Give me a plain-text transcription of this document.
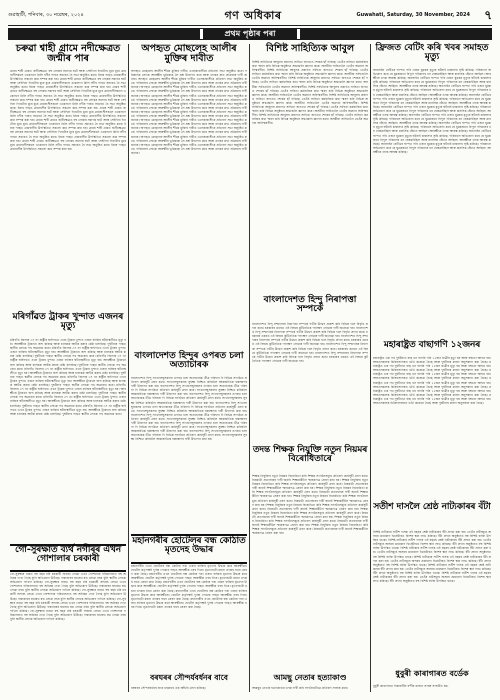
গুৱাহাটী, শনিবাৰ, ৩০ নৱেম্বৰ, ২০২৪	গণ অধিকাৰ	Guwahati, Saturday, 30 November, 2024 ৭
প্ৰথম পৃষ্ঠাৰ পৰা
চৰুৱা শ্বাহী গ্ৰামে নদীক্ষেত্ৰত জন্মীৰ পাৰ
গ্ৰামৰ শাহী গ্ৰামত জনীক্ষেত্ৰত বহু লোকৰ সমাগম ঘটে আৰু সেইদিনা দিনটোৰ মূৰে মূৰে গ্ৰামবাসীসকলে একেলগে মিলি নদীৰ পাৰত সমবেত হৈ সভা অনুষ্ঠিত কৰে। ইয়াৰ পাছত গ্ৰামবাসীৰ উপস্থিতিত সকলো কাম সম্পন্ন কৰা হয়। গ্ৰামৰ শাহী গ্ৰামত জনীক্ষেত্ৰত বহু লোকৰ সমাগম ঘটে আৰু সেইদিনা দিনটোৰ মূৰে মূৰে গ্ৰামবাসীসকলে একেলগে মিলি নদীৰ পাৰত সমবেত হৈ সভা অনুষ্ঠিত কৰে। ইয়াৰ পাছত গ্ৰামবাসীৰ উপস্থিতিত সকলো কাম সম্পন্ন কৰা হয়। গ্ৰামৰ শাহী গ্ৰামত জনীক্ষেত্ৰত বহু লোকৰ সমাগম ঘটে আৰু সেইদিনা দিনটোৰ মূৰে মূৰে গ্ৰামবাসীসকলে একেলগে মিলি নদীৰ পাৰত সমবেত হৈ সভা অনুষ্ঠিত কৰে। ইয়াৰ পাছত গ্ৰামবাসীৰ উপস্থিতিত সকলো কাম সম্পন্ন কৰা হয়। গ্ৰামৰ শাহী গ্ৰামত জনীক্ষেত্ৰত বহু লোকৰ সমাগম ঘটে আৰু সেইদিনা দিনটোৰ মূৰে মূৰে গ্ৰামবাসীসকলে একেলগে মিলি নদীৰ পাৰত সমবেত হৈ সভা অনুষ্ঠিত কৰে। ইয়াৰ পাছত গ্ৰামবাসীৰ উপস্থিতিত সকলো কাম সম্পন্ন কৰা হয়। গ্ৰামৰ শাহী গ্ৰামত জনীক্ষেত্ৰত বহু লোকৰ সমাগম ঘটে আৰু সেইদিনা দিনটোৰ মূৰে মূৰে গ্ৰামবাসীসকলে একেলগে মিলি নদীৰ পাৰত সমবেত হৈ সভা অনুষ্ঠিত কৰে। ইয়াৰ পাছত গ্ৰামবাসীৰ উপস্থিতিত সকলো কাম সম্পন্ন কৰা হয়। গ্ৰামৰ শাহী গ্ৰামত জনীক্ষেত্ৰত বহু লোকৰ সমাগম ঘটে আৰু সেইদিনা দিনটোৰ মূৰে মূৰে গ্ৰামবাসীসকলে একেলগে মিলি নদীৰ পাৰত সমবেত হৈ সভা অনুষ্ঠিত কৰে। ইয়াৰ পাছত গ্ৰামবাসীৰ উপস্থিতিত সকলো কাম সম্পন্ন কৰা হয়। গ্ৰামৰ শাহী গ্ৰামত জনীক্ষেত্ৰত বহু লোকৰ সমাগম ঘটে আৰু সেইদিনা দিনটোৰ মূৰে মূৰে গ্ৰামবাসীসকলে একেলগে মিলি নদীৰ পাৰত সমবেত হৈ সভা অনুষ্ঠিত কৰে। ইয়াৰ পাছত গ্ৰামবাসীৰ উপস্থিতিত সকলো কাম সম্পন্ন কৰা হয়। গ্ৰামৰ শাহী গ্ৰামত জনীক্ষেত্ৰত বহু লোকৰ সমাগম ঘটে আৰু সেইদিনা দিনটোৰ মূৰে মূৰে গ্ৰামবাসীসকলে একেলগে মিলি নদীৰ পাৰত সমবেত হৈ সভা অনুষ্ঠিত কৰে। ইয়াৰ পাছত গ্ৰামবাসীৰ উপস্থিতিত সকলো কাম সম্পন্ন কৰা হয়।
মৰিগাঁৱত ট্ৰাকৰ খুন্দাত এজনৰ মৃত্যু
মৰিগাঁও জিলাৰ ৩৭ নং ৰাষ্ট্ৰীয় ঘাইপথত এখন ট্ৰাকৰ খুন্দাত এজন ব্যক্তিৰ ঘটনাস্থলীতে মৃত্যু হয়। আৰক্ষীয়ে ট্ৰাকখন জব্দ কৰিছে আৰু চালকক আটক কৰাৰ চেষ্টা চলাইছে। দুৰ্ঘটনাৰ পাছত স্থানীয় লোকে পথ অৱৰোধ কৰে। মৰিগাঁও জিলাৰ ৩৭ নং ৰাষ্ট্ৰীয় ঘাইপথত এখন ট্ৰাকৰ খুন্দাত এজন ব্যক্তিৰ ঘটনাস্থলীতে মৃত্যু হয়। আৰক্ষীয়ে ট্ৰাকখন জব্দ কৰিছে আৰু চালকক আটক কৰাৰ চেষ্টা চলাইছে। দুৰ্ঘটনাৰ পাছত স্থানীয় লোকে পথ অৱৰোধ কৰে। মৰিগাঁও জিলাৰ ৩৭ নং ৰাষ্ট্ৰীয় ঘাইপথত এখন ট্ৰাকৰ খুন্দাত এজন ব্যক্তিৰ ঘটনাস্থলীতে মৃত্যু হয়। আৰক্ষীয়ে ট্ৰাকখন জব্দ কৰিছে আৰু চালকক আটক কৰাৰ চেষ্টা চলাইছে। দুৰ্ঘটনাৰ পাছত স্থানীয় লোকে পথ অৱৰোধ কৰে। মৰিগাঁও জিলাৰ ৩৭ নং ৰাষ্ট্ৰীয় ঘাইপথত এখন ট্ৰাকৰ খুন্দাত এজন ব্যক্তিৰ ঘটনাস্থলীতে মৃত্যু হয়। আৰক্ষীয়ে ট্ৰাকখন জব্দ কৰিছে আৰু চালকক আটক কৰাৰ চেষ্টা চলাইছে। দুৰ্ঘটনাৰ পাছত স্থানীয় লোকে পথ অৱৰোধ কৰে। মৰিগাঁও জিলাৰ ৩৭ নং ৰাষ্ট্ৰীয় ঘাইপথত এখন ট্ৰাকৰ খুন্দাত এজন ব্যক্তিৰ ঘটনাস্থলীতে মৃত্যু হয়। আৰক্ষীয়ে ট্ৰাকখন জব্দ কৰিছে আৰু চালকক আটক কৰাৰ চেষ্টা চলাইছে। দুৰ্ঘটনাৰ পাছত স্থানীয় লোকে পথ অৱৰোধ কৰে। মৰিগাঁও জিলাৰ ৩৭ নং ৰাষ্ট্ৰীয় ঘাইপথত এখন ট্ৰাকৰ খুন্দাত এজন ব্যক্তিৰ ঘটনাস্থলীতে মৃত্যু হয়। আৰক্ষীয়ে ট্ৰাকখন জব্দ কৰিছে আৰু চালকক আটক কৰাৰ চেষ্টা চলাইছে। দুৰ্ঘটনাৰ পাছত স্থানীয় লোকে পথ অৱৰোধ কৰে। মৰিগাঁও জিলাৰ ৩৭ নং ৰাষ্ট্ৰীয় ঘাইপথত এখন ট্ৰাকৰ খুন্দাত এজন ব্যক্তিৰ ঘটনাস্থলীতে মৃত্যু হয়। আৰক্ষীয়ে ট্ৰাকখন জব্দ কৰিছে আৰু চালকক আটক কৰাৰ চেষ্টা চলাইছে। দুৰ্ঘটনাৰ পাছত স্থানীয় লোকে পথ অৱৰোধ কৰে। মৰিগাঁও জিলাৰ ৩৭ নং ৰাষ্ট্ৰীয় ঘাইপথত এখন ট্ৰাকৰ খুন্দাত এজন ব্যক্তিৰ ঘটনাস্থলীতে মৃত্যু হয়। আৰক্ষীয়ে ট্ৰাকখন জব্দ কৰিছে আৰু চালকক আটক কৰাৰ চেষ্টা চলাইছে। দুৰ্ঘটনাৰ পাছত স্থানীয় লোকে পথ অৱৰোধ কৰে।
গো-সুৰক্ষাত ব্যৰ্থ নগীৰৰ এখন গোশালাৰ চৰকাৰী
গো-সুৰক্ষাৰ নামত বহু বছৰ ধৰি চৰকাৰী সাহায্য লোৱা এখন গোশালাৰ পৰিচালনাত বহু অনিয়ম দেখা গৈছে বুলি অভিযোগ উঠিছে। গৰুবোৰৰ যথাযথ যত্ন লোৱা নহয় বুলি স্থানীয় লোকে অভিযোগ দাখিল কৰিছে। গো-সুৰক্ষাৰ নামত বহু বছৰ ধৰি চৰকাৰী সাহায্য লোৱা এখন গোশালাৰ পৰিচালনাত বহু অনিয়ম দেখা গৈছে বুলি অভিযোগ উঠিছে। গৰুবোৰৰ যথাযথ যত্ন লোৱা নহয় বুলি স্থানীয় লোকে অভিযোগ দাখিল কৰিছে। গো-সুৰক্ষাৰ নামত বহু বছৰ ধৰি চৰকাৰী সাহায্য লোৱা এখন গোশালাৰ পৰিচালনাত বহু অনিয়ম দেখা গৈছে বুলি অভিযোগ উঠিছে। গৰুবোৰৰ যথাযথ যত্ন লোৱা নহয় বুলি স্থানীয় লোকে অভিযোগ দাখিল কৰিছে। গো-সুৰক্ষাৰ নামত বহু বছৰ ধৰি চৰকাৰী সাহায্য লোৱা এখন গোশালাৰ পৰিচালনাত বহু অনিয়ম দেখা গৈছে বুলি অভিযোগ উঠিছে। গৰুবোৰৰ যথাযথ যত্ন লোৱা নহয় বুলি স্থানীয় লোকে অভিযোগ দাখিল কৰিছে। গো-সুৰক্ষাৰ নামত বহু বছৰ ধৰি চৰকাৰী সাহায্য লোৱা এখন গোশালাৰ পৰিচালনাত বহু অনিয়ম দেখা গৈছে বুলি অভিযোগ উঠিছে। গৰুবোৰৰ যথাযথ যত্ন লোৱা নহয় বুলি স্থানীয় লোকে অভিযোগ দাখিল কৰিছে।
অপহৃত মোছলেহ আলীৰ মুক্তিৰ দাবীত
অপহৃত মোছলেহ আলীৰ শীঘ্ৰে মুক্তিৰ দাবীত এলেকাবাসীয়ে প্ৰতিবাদ সভা অনুষ্ঠিত কৰে। পৰিয়ালৰ লোকে আৰক্ষীৰ ভূমিকাক লৈ প্ৰশ্ন উত্থাপন কৰে আৰু তদন্তৰ দ্ৰুত প্ৰক্ৰিয়াৰ দাবী জনায়। অপহৃত মোছলেহ আলীৰ শীঘ্ৰে মুক্তিৰ দাবীত এলেকাবাসীয়ে প্ৰতিবাদ সভা অনুষ্ঠিত কৰে। পৰিয়ালৰ লোকে আৰক্ষীৰ ভূমিকাক লৈ প্ৰশ্ন উত্থাপন কৰে আৰু তদন্তৰ দ্ৰুত প্ৰক্ৰিয়াৰ দাবী জনায়। অপহৃত মোছলেহ আলীৰ শীঘ্ৰে মুক্তিৰ দাবীত এলেকাবাসীয়ে প্ৰতিবাদ সভা অনুষ্ঠিত কৰে। পৰিয়ালৰ লোকে আৰক্ষীৰ ভূমিকাক লৈ প্ৰশ্ন উত্থাপন কৰে আৰু তদন্তৰ দ্ৰুত প্ৰক্ৰিয়াৰ দাবী জনায়। অপহৃত মোছলেহ আলীৰ শীঘ্ৰে মুক্তিৰ দাবীত এলেকাবাসীয়ে প্ৰতিবাদ সভা অনুষ্ঠিত কৰে। পৰিয়ালৰ লোকে আৰক্ষীৰ ভূমিকাক লৈ প্ৰশ্ন উত্থাপন কৰে আৰু তদন্তৰ দ্ৰুত প্ৰক্ৰিয়াৰ দাবী জনায়। অপহৃত মোছলেহ আলীৰ শীঘ্ৰে মুক্তিৰ দাবীত এলেকাবাসীয়ে প্ৰতিবাদ সভা অনুষ্ঠিত কৰে। পৰিয়ালৰ লোকে আৰক্ষীৰ ভূমিকাক লৈ প্ৰশ্ন উত্থাপন কৰে আৰু তদন্তৰ দ্ৰুত প্ৰক্ৰিয়াৰ দাবী জনায়। অপহৃত মোছলেহ আলীৰ শীঘ্ৰে মুক্তিৰ দাবীত এলেকাবাসীয়ে প্ৰতিবাদ সভা অনুষ্ঠিত কৰে। পৰিয়ালৰ লোকে আৰক্ষীৰ ভূমিকাক লৈ প্ৰশ্ন উত্থাপন কৰে আৰু তদন্তৰ দ্ৰুত প্ৰক্ৰিয়াৰ দাবী জনায়। অপহৃত মোছলেহ আলীৰ শীঘ্ৰে মুক্তিৰ দাবীত এলেকাবাসীয়ে প্ৰতিবাদ সভা অনুষ্ঠিত কৰে। পৰিয়ালৰ লোকে আৰক্ষীৰ ভূমিকাক লৈ প্ৰশ্ন উত্থাপন কৰে আৰু তদন্তৰ দ্ৰুত প্ৰক্ৰিয়াৰ দাবী জনায়। অপহৃত মোছলেহ আলীৰ শীঘ্ৰে মুক্তিৰ দাবীত এলেকাবাসীয়ে প্ৰতিবাদ সভা অনুষ্ঠিত কৰে। পৰিয়ালৰ লোকে আৰক্ষীৰ ভূমিকাক লৈ প্ৰশ্ন উত্থাপন কৰে আৰু তদন্তৰ দ্ৰুত প্ৰক্ৰিয়াৰ দাবী জনায়। অপহৃত মোছলেহ আলীৰ শীঘ্ৰে মুক্তিৰ দাবীত এলেকাবাসীয়ে প্ৰতিবাদ সভা অনুষ্ঠিত কৰে। পৰিয়ালৰ লোকে আৰক্ষীৰ ভূমিকাক লৈ প্ৰশ্ন উত্থাপন কৰে আৰু তদন্তৰ দ্ৰুত প্ৰক্ৰিয়াৰ দাবী জনায়। অপহৃত মোছলেহ আলীৰ শীঘ্ৰে মুক্তিৰ দাবীত এলেকাবাসীয়ে প্ৰতিবাদ সভা অনুষ্ঠিত কৰে। পৰিয়ালৰ লোকে আৰক্ষীৰ ভূমিকাক লৈ প্ৰশ্ন উত্থাপন কৰে আৰু তদন্তৰ দ্ৰুত প্ৰক্ৰিয়াৰ দাবী জনায়।
বাংলাদেশত হিন্দুৰ ওপৰত চলা অত্যাচাৰক
বাংলাদেশত হিন্দু সংখ্যালঘুসকলৰ ওপৰত চলা অত্যাচাৰক তীব্ৰ গৰিহণা দি বিভিন্ন সংগঠনে প্ৰতিবাদ কাৰ্যসূচী গ্ৰহণ কৰে। সংখ্যালঘুসকলৰ সুৰক্ষা নিশ্চিত কৰিবলৈ আন্তৰ্জাতিক হস্তক্ষেপৰ দাবী উত্থাপন কৰা হয়। বাংলাদেশত হিন্দু সংখ্যালঘুসকলৰ ওপৰত চলা অত্যাচাৰক তীব্ৰ গৰিহণা দি বিভিন্ন সংগঠনে প্ৰতিবাদ কাৰ্যসূচী গ্ৰহণ কৰে। সংখ্যালঘুসকলৰ সুৰক্ষা নিশ্চিত কৰিবলৈ আন্তৰ্জাতিক হস্তক্ষেপৰ দাবী উত্থাপন কৰা হয়। বাংলাদেশত হিন্দু সংখ্যালঘুসকলৰ ওপৰত চলা অত্যাচাৰক তীব্ৰ গৰিহণা দি বিভিন্ন সংগঠনে প্ৰতিবাদ কাৰ্যসূচী গ্ৰহণ কৰে। সংখ্যালঘুসকলৰ সুৰক্ষা নিশ্চিত কৰিবলৈ আন্তৰ্জাতিক হস্তক্ষেপৰ দাবী উত্থাপন কৰা হয়। বাংলাদেশত হিন্দু সংখ্যালঘুসকলৰ ওপৰত চলা অত্যাচাৰক তীব্ৰ গৰিহণা দি বিভিন্ন সংগঠনে প্ৰতিবাদ কাৰ্যসূচী গ্ৰহণ কৰে। সংখ্যালঘুসকলৰ সুৰক্ষা নিশ্চিত কৰিবলৈ আন্তৰ্জাতিক হস্তক্ষেপৰ দাবী উত্থাপন কৰা হয়। বাংলাদেশত হিন্দু সংখ্যালঘুসকলৰ ওপৰত চলা অত্যাচাৰক তীব্ৰ গৰিহণা দি বিভিন্ন সংগঠনে প্ৰতিবাদ কাৰ্যসূচী গ্ৰহণ কৰে। সংখ্যালঘুসকলৰ সুৰক্ষা নিশ্চিত কৰিবলৈ আন্তৰ্জাতিক হস্তক্ষেপৰ দাবী উত্থাপন কৰা হয়। বাংলাদেশত হিন্দু সংখ্যালঘুসকলৰ ওপৰত চলা অত্যাচাৰক তীব্ৰ গৰিহণা দি বিভিন্ন সংগঠনে প্ৰতিবাদ কাৰ্যসূচী গ্ৰহণ কৰে। সংখ্যালঘুসকলৰ সুৰক্ষা নিশ্চিত কৰিবলৈ আন্তৰ্জাতিক হস্তক্ষেপৰ দাবী উত্থাপন কৰা হয়। বাংলাদেশত হিন্দু সংখ্যালঘুসকলৰ ওপৰত চলা অত্যাচাৰক তীব্ৰ গৰিহণা দি বিভিন্ন সংগঠনে প্ৰতিবাদ কাৰ্যসূচী গ্ৰহণ কৰে। সংখ্যালঘুসকলৰ সুৰক্ষা নিশ্চিত কৰিবলৈ আন্তৰ্জাতিক হস্তক্ষেপৰ দাবী উত্থাপন কৰা হয়।
মহানগৰীৰ হোটেলৰ বন্ধ কোঠাত মৃতদেহ উদ্ধাৰ
মহানগৰীৰ এখন হোটেলৰ বন্ধ কোঠাৰ পৰা এজন ব্যক্তিৰ মৃতদেহ উদ্ধাৰ কৰে আৰক্ষীয়ে। হোটেল কৰ্তৃপক্ষই দুৰ্গন্ধ পোৱাৰ পাছত আৰক্ষীক খবৰ দিয়ে। মৃতদেহটো ময়না তদন্তৰ বাবে প্ৰেৰণ কৰা হৈছে। মহানগৰীৰ এখন হোটেলৰ বন্ধ কোঠাৰ পৰা এজন ব্যক্তিৰ মৃতদেহ উদ্ধাৰ কৰে আৰক্ষীয়ে। হোটেল কৰ্তৃপক্ষই দুৰ্গন্ধ পোৱাৰ পাছত আৰক্ষীক খবৰ দিয়ে। মৃতদেহটো ময়না তদন্তৰ বাবে প্ৰেৰণ কৰা হৈছে। মহানগৰীৰ এখন হোটেলৰ বন্ধ কোঠাৰ পৰা এজন ব্যক্তিৰ মৃতদেহ উদ্ধাৰ কৰে আৰক্ষীয়ে। হোটেল কৰ্তৃপক্ষই দুৰ্গন্ধ পোৱাৰ পাছত আৰক্ষীক খবৰ দিয়ে। মৃতদেহটো ময়না তদন্তৰ বাবে প্ৰেৰণ কৰা হৈছে। মহানগৰীৰ এখন হোটেলৰ বন্ধ কোঠাৰ পৰা এজন ব্যক্তিৰ মৃতদেহ উদ্ধাৰ কৰে আৰক্ষীয়ে। হোটেল কৰ্তৃপক্ষই দুৰ্গন্ধ পোৱাৰ পাছত আৰক্ষীক খবৰ দিয়ে। মৃতদেহটো ময়না তদন্তৰ বাবে প্ৰেৰণ কৰা হৈছে। মহানগৰীৰ এখন হোটেলৰ বন্ধ কোঠাৰ পৰা এজন ব্যক্তিৰ মৃতদেহ উদ্ধাৰ কৰে আৰক্ষীয়ে। হোটেল কৰ্তৃপক্ষই দুৰ্গন্ধ পোৱাৰ পাছত আৰক্ষীক খবৰ দিয়ে। মৃতদেহটো ময়না তদন্তৰ বাবে প্ৰেৰণ কৰা হৈছে।
বৰঘৰৰ সৌন্দৰ্যবৰ্ধনৰ বাবে
বৰঘৰৰ সৌন্দৰ্যবৰ্ধনৰ বাবে চৰকাৰে এক আঁচনি গ্ৰহণ কৰিছে।
বিশিষ্ট সাহিত্যিক আবুল
বিশিষ্ট সাহিত্যিক আবুলৰ প্ৰয়াণত সাহিত্য জগতত শোকৰ ছাঁ পৰিছে। তেওঁৰ সাহিত্য কৰ্মৰাজিৰ কথা স্মৰণ কৰি বিভিন্ন অনুষ্ঠানে শ্ৰদ্ধাঞ্জলি জ্ঞাপন কৰে। অসমীয়া সাহিত্যলৈ তেওঁৰ অৱদান অবিস্মৰণীয়। বিশিষ্ট সাহিত্যিক আবুলৰ প্ৰয়াণত সাহিত্য জগতত শোকৰ ছাঁ পৰিছে। তেওঁৰ সাহিত্য কৰ্মৰাজিৰ কথা স্মৰণ কৰি বিভিন্ন অনুষ্ঠানে শ্ৰদ্ধাঞ্জলি জ্ঞাপন কৰে। অসমীয়া সাহিত্যলৈ তেওঁৰ অৱদান অবিস্মৰণীয়। বিশিষ্ট সাহিত্যিক আবুলৰ প্ৰয়াণত সাহিত্য জগতত শোকৰ ছাঁ পৰিছে। তেওঁৰ সাহিত্য কৰ্মৰাজিৰ কথা স্মৰণ কৰি বিভিন্ন অনুষ্ঠানে শ্ৰদ্ধাঞ্জলি জ্ঞাপন কৰে। অসমীয়া সাহিত্যলৈ তেওঁৰ অৱদান অবিস্মৰণীয়। বিশিষ্ট সাহিত্যিক আবুলৰ প্ৰয়াণত সাহিত্য জগতত শোকৰ ছাঁ পৰিছে। তেওঁৰ সাহিত্য কৰ্মৰাজিৰ কথা স্মৰণ কৰি বিভিন্ন অনুষ্ঠানে শ্ৰদ্ধাঞ্জলি জ্ঞাপন কৰে। অসমীয়া সাহিত্যলৈ তেওঁৰ অৱদান অবিস্মৰণীয়। বিশিষ্ট সাহিত্যিক আবুলৰ প্ৰয়াণত সাহিত্য জগতত শোকৰ ছাঁ পৰিছে। তেওঁৰ সাহিত্য কৰ্মৰাজিৰ কথা স্মৰণ কৰি বিভিন্ন অনুষ্ঠানে শ্ৰদ্ধাঞ্জলি জ্ঞাপন কৰে। অসমীয়া সাহিত্যলৈ তেওঁৰ অৱদান অবিস্মৰণীয়। বিশিষ্ট সাহিত্যিক আবুলৰ প্ৰয়াণত সাহিত্য জগতত শোকৰ ছাঁ পৰিছে। তেওঁৰ সাহিত্য কৰ্মৰাজিৰ কথা স্মৰণ কৰি বিভিন্ন অনুষ্ঠানে শ্ৰদ্ধাঞ্জলি জ্ঞাপন কৰে। অসমীয়া সাহিত্যলৈ তেওঁৰ অৱদান অবিস্মৰণীয়। বিশিষ্ট সাহিত্যিক আবুলৰ প্ৰয়াণত সাহিত্য জগতত শোকৰ ছাঁ পৰিছে। তেওঁৰ সাহিত্য কৰ্মৰাজিৰ কথা স্মৰণ কৰি বিভিন্ন অনুষ্ঠানে শ্ৰদ্ধাঞ্জলি জ্ঞাপন কৰে। অসমীয়া সাহিত্যলৈ তেওঁৰ অৱদান অবিস্মৰণীয়।
বাংলাদেশত হিন্দু নিৰাপত্তা সম্পৰ্কে
বাংলাদেশত হিন্দু সম্প্ৰদায়ৰ নিৰাপত্তা সম্পৰ্কে গভীৰ উদ্বেগ প্ৰকাশ কৰি বিভিন্ন দলে বিবৃতি প্ৰদান কৰে। চৰকাৰৰ ওচৰত এই বিষয়ে কূটনৈতিক পদক্ষেপ লোৱাৰ দাবী জনোৱা হয়। বাংলাদেশত হিন্দু সম্প্ৰদায়ৰ নিৰাপত্তা সম্পৰ্কে গভীৰ উদ্বেগ প্ৰকাশ কৰি বিভিন্ন দলে বিবৃতি প্ৰদান কৰে। চৰকাৰৰ ওচৰত এই বিষয়ে কূটনৈতিক পদক্ষেপ লোৱাৰ দাবী জনোৱা হয়। বাংলাদেশত হিন্দু সম্প্ৰদায়ৰ নিৰাপত্তা সম্পৰ্কে গভীৰ উদ্বেগ প্ৰকাশ কৰি বিভিন্ন দলে বিবৃতি প্ৰদান কৰে। চৰকাৰৰ ওচৰত এই বিষয়ে কূটনৈতিক পদক্ষেপ লোৱাৰ দাবী জনোৱা হয়। বাংলাদেশত হিন্দু সম্প্ৰদায়ৰ নিৰাপত্তা সম্পৰ্কে গভীৰ উদ্বেগ প্ৰকাশ কৰি বিভিন্ন দলে বিবৃতি প্ৰদান কৰে। চৰকাৰৰ ওচৰত এই বিষয়ে কূটনৈতিক পদক্ষেপ লোৱাৰ দাবী জনোৱা হয়। বাংলাদেশত হিন্দু সম্প্ৰদায়ৰ নিৰাপত্তা সম্পৰ্কে গভীৰ উদ্বেগ প্ৰকাশ কৰি বিভিন্ন দলে বিবৃতি প্ৰদান কৰে। চৰকাৰৰ ওচৰত এই বিষয়ে কূটনৈতিক পদক্ষেপ লোৱাৰ দাবী জনোৱা হয়।
তদন্ত শিক্ষক নিযুক্তি নতুন নিয়মৰ বিৰোধিতাৰে
শিক্ষক নিযুক্তিৰ নতুন নিয়মৰ বিৰোধিতা কৰি শিক্ষক সংগঠনসমূহে প্ৰতিবাদ কাৰ্যসূচী গ্ৰহণ কৰে। নিয়মটো প্ৰত্যাহাৰৰ দাবী জনাই শিক্ষামন্ত্ৰীলৈ স্মাৰকপত্ৰ প্ৰেৰণ কৰা হয়। শিক্ষক নিযুক্তিৰ নতুন নিয়মৰ বিৰোধিতা কৰি শিক্ষক সংগঠনসমূহে প্ৰতিবাদ কাৰ্যসূচী গ্ৰহণ কৰে। নিয়মটো প্ৰত্যাহাৰৰ দাবী জনাই শিক্ষামন্ত্ৰীলৈ স্মাৰকপত্ৰ প্ৰেৰণ কৰা হয়। শিক্ষক নিযুক্তিৰ নতুন নিয়মৰ বিৰোধিতা কৰি শিক্ষক সংগঠনসমূহে প্ৰতিবাদ কাৰ্যসূচী গ্ৰহণ কৰে। নিয়মটো প্ৰত্যাহাৰৰ দাবী জনাই শিক্ষামন্ত্ৰীলৈ স্মাৰকপত্ৰ প্ৰেৰণ কৰা হয়। শিক্ষক নিযুক্তিৰ নতুন নিয়মৰ বিৰোধিতা কৰি শিক্ষক সংগঠনসমূহে প্ৰতিবাদ কাৰ্যসূচী গ্ৰহণ কৰে। নিয়মটো প্ৰত্যাহাৰৰ দাবী জনাই শিক্ষামন্ত্ৰীলৈ স্মাৰকপত্ৰ প্ৰেৰণ কৰা হয়। শিক্ষক নিযুক্তিৰ নতুন নিয়মৰ বিৰোধিতা কৰি শিক্ষক সংগঠনসমূহে প্ৰতিবাদ কাৰ্যসূচী গ্ৰহণ কৰে। নিয়মটো প্ৰত্যাহাৰৰ দাবী জনাই শিক্ষামন্ত্ৰীলৈ স্মাৰকপত্ৰ প্ৰেৰণ কৰা হয়। শিক্ষক নিযুক্তিৰ নতুন নিয়মৰ বিৰোধিতা কৰি শিক্ষক সংগঠনসমূহে প্ৰতিবাদ কাৰ্যসূচী গ্ৰহণ কৰে। নিয়মটো প্ৰত্যাহাৰৰ দাবী জনাই শিক্ষামন্ত্ৰীলৈ স্মাৰকপত্ৰ প্ৰেৰণ কৰা হয়। শিক্ষক নিযুক্তিৰ নতুন নিয়মৰ বিৰোধিতা কৰি শিক্ষক সংগঠনসমূহে প্ৰতিবাদ কাৰ্যসূচী গ্ৰহণ কৰে। নিয়মটো প্ৰত্যাহাৰৰ দাবী জনাই শিক্ষামন্ত্ৰীলৈ স্মাৰকপত্ৰ প্ৰেৰণ কৰা হয়। শিক্ষক নিযুক্তিৰ নতুন নিয়মৰ বিৰোধিতা কৰি শিক্ষক সংগঠনসমূহে প্ৰতিবাদ কাৰ্যসূচী গ্ৰহণ কৰে। নিয়মটো প্ৰত্যাহাৰৰ দাবী জনাই শিক্ষামন্ত্ৰীলৈ স্মাৰকপত্ৰ প্ৰেৰণ কৰা হয়।
আমছু নেতাৰ হত্যাকাণ্ড
আমছুৰ নেতাৰ হত্যাকাণ্ডৰ তদন্ত দাবী কৰি সংগঠনটোৱে প্ৰতিবাদ সাব্যস্ত কৰে।
ফ্ৰিজত বেটিং কৰি খবৰ সমাহত মৃত্যু
অনলাইন বেটিঙৰ ফান্দত পৰি এজন যুৱকৰ মৃত্যুৰ ঘটনাই চাঞ্চল্যৰ সৃষ্টি কৰিছে। পৰিয়ালে অভিযোগ কৰে যে যুৱকজনে বিপুল পৰিমাণৰ ধন হেৰুৱাইছিল আৰু মানসিক হেঁচাত আছিল। আৰক্ষীয়ে তদন্ত আৰম্ভ কৰিছে। অনলাইন বেটিঙৰ ফান্দত পৰি এজন যুৱকৰ মৃত্যুৰ ঘটনাই চাঞ্চল্যৰ সৃষ্টি কৰিছে। পৰিয়ালে অভিযোগ কৰে যে যুৱকজনে বিপুল পৰিমাণৰ ধন হেৰুৱাইছিল আৰু মানসিক হেঁচাত আছিল। আৰক্ষীয়ে তদন্ত আৰম্ভ কৰিছে। অনলাইন বেটিঙৰ ফান্দত পৰি এজন যুৱকৰ মৃত্যুৰ ঘটনাই চাঞ্চল্যৰ সৃষ্টি কৰিছে। পৰিয়ালে অভিযোগ কৰে যে যুৱকজনে বিপুল পৰিমাণৰ ধন হেৰুৱাইছিল আৰু মানসিক হেঁচাত আছিল। আৰক্ষীয়ে তদন্ত আৰম্ভ কৰিছে। অনলাইন বেটিঙৰ ফান্দত পৰি এজন যুৱকৰ মৃত্যুৰ ঘটনাই চাঞ্চল্যৰ সৃষ্টি কৰিছে। পৰিয়ালে অভিযোগ কৰে যে যুৱকজনে বিপুল পৰিমাণৰ ধন হেৰুৱাইছিল আৰু মানসিক হেঁচাত আছিল। আৰক্ষীয়ে তদন্ত আৰম্ভ কৰিছে। অনলাইন বেটিঙৰ ফান্দত পৰি এজন যুৱকৰ মৃত্যুৰ ঘটনাই চাঞ্চল্যৰ সৃষ্টি কৰিছে। পৰিয়ালে অভিযোগ কৰে যে যুৱকজনে বিপুল পৰিমাণৰ ধন হেৰুৱাইছিল আৰু মানসিক হেঁচাত আছিল। আৰক্ষীয়ে তদন্ত আৰম্ভ কৰিছে। অনলাইন বেটিঙৰ ফান্দত পৰি এজন যুৱকৰ মৃত্যুৰ ঘটনাই চাঞ্চল্যৰ সৃষ্টি কৰিছে। পৰিয়ালে অভিযোগ কৰে যে যুৱকজনে বিপুল পৰিমাণৰ ধন হেৰুৱাইছিল আৰু মানসিক হেঁচাত আছিল। আৰক্ষীয়ে তদন্ত আৰম্ভ কৰিছে। অনলাইন বেটিঙৰ ফান্দত পৰি এজন যুৱকৰ মৃত্যুৰ ঘটনাই চাঞ্চল্যৰ সৃষ্টি কৰিছে। পৰিয়ালে অভিযোগ কৰে যে যুৱকজনে বিপুল পৰিমাণৰ ধন হেৰুৱাইছিল আৰু মানসিক হেঁচাত আছিল। আৰক্ষীয়ে তদন্ত আৰম্ভ কৰিছে। অনলাইন বেটিঙৰ ফান্দত পৰি এজন যুৱকৰ মৃত্যুৰ ঘটনাই চাঞ্চল্যৰ সৃষ্টি কৰিছে। পৰিয়ালে অভিযোগ কৰে যে যুৱকজনে বিপুল পৰিমাণৰ ধন হেৰুৱাইছিল আৰু মানসিক হেঁচাত আছিল। আৰক্ষীয়ে তদন্ত আৰম্ভ কৰিছে। অনলাইন বেটিঙৰ ফান্দত পৰি এজন যুৱকৰ মৃত্যুৰ ঘটনাই চাঞ্চল্যৰ সৃষ্টি কৰিছে। পৰিয়ালে অভিযোগ কৰে যে যুৱকজনে বিপুল পৰিমাণৰ ধন হেৰুৱাইছিল আৰু মানসিক হেঁচাত আছিল। আৰক্ষীয়ে তদন্ত আৰম্ভ কৰিছে।
মহাৰাষ্ট্ৰত বাছাগণি ১২জনৰ
মহাৰাষ্ট্ৰত এক পথ দুৰ্ঘটনাত বাছ খন বাগৰি পৰি ১২জন যাত্ৰীৰ মৃত্যু হয় আৰু বহুতো আহত হয়। আহতসকলক চিকিৎসালয়ত ভৰ্তি কৰোৱা হৈছে আৰু দুৰ্ঘটনাৰ কাৰণ অনুসন্ধান কৰা হৈছে। মহাৰাষ্ট্ৰত এক পথ দুৰ্ঘটনাত বাছ খন বাগৰি পৰি ১২জন যাত্ৰীৰ মৃত্যু হয় আৰু বহুতো আহত হয়। আহতসকলক চিকিৎসালয়ত ভৰ্তি কৰোৱা হৈছে আৰু দুৰ্ঘটনাৰ কাৰণ অনুসন্ধান কৰা হৈছে। মহাৰাষ্ট্ৰত এক পথ দুৰ্ঘটনাত বাছ খন বাগৰি পৰি ১২জন যাত্ৰীৰ মৃত্যু হয় আৰু বহুতো আহত হয়। আহতসকলক চিকিৎসালয়ত ভৰ্তি কৰোৱা হৈছে আৰু দুৰ্ঘটনাৰ কাৰণ অনুসন্ধান কৰা হৈছে। মহাৰাষ্ট্ৰত এক পথ দুৰ্ঘটনাত বাছ খন বাগৰি পৰি ১২জন যাত্ৰীৰ মৃত্যু হয় আৰু বহুতো আহত হয়। আহতসকলক চিকিৎসালয়ত ভৰ্তি কৰোৱা হৈছে আৰু দুৰ্ঘটনাৰ কাৰণ অনুসন্ধান কৰা হৈছে। মহাৰাষ্ট্ৰত এক পথ দুৰ্ঘটনাত বাছ খন বাগৰি পৰি ১২জন যাত্ৰীৰ মৃত্যু হয় আৰু বহুতো আহত হয়। আহতসকলক চিকিৎসালয়ত ভৰ্তি কৰোৱা হৈছে আৰু দুৰ্ঘটনাৰ কাৰণ অনুসন্ধান কৰা হৈছে। মহাৰাষ্ট্ৰত এক পথ দুৰ্ঘটনাত বাছ খন বাগৰি পৰি ১২জন যাত্ৰীৰ মৃত্যু হয় আৰু বহুতো আহত হয়। আহতসকলক চিকিৎসালয়ত ভৰ্তি কৰোৱা হৈছে আৰু দুৰ্ঘটনাৰ কাৰণ অনুসন্ধান কৰা হৈছে।
সতীশ দাসলৈ শ্ৰেষ্ঠ নাট্যকাৰৰ বঁটা
বিশিষ্ট নাট্যকাৰ সতীশ দাসক এই বছৰৰ শ্ৰেষ্ঠ নাট্যকাৰৰ বঁটা প্ৰদান কৰা হয়। তেওঁৰ নাটসমূহে অসমৰ ভ্ৰাম্যমাণ থিয়েটাৰত বিশেষ স্থান লাভ কৰিছে। বঁটা প্ৰদান অনুষ্ঠানত বহু বিশিষ্ট ব্যক্তি উপস্থিত থাকে। বিশিষ্ট নাট্যকাৰ সতীশ দাসক এই বছৰৰ শ্ৰেষ্ঠ নাট্যকাৰৰ বঁটা প্ৰদান কৰা হয়। তেওঁৰ নাটসমূহে অসমৰ ভ্ৰাম্যমাণ থিয়েটাৰত বিশেষ স্থান লাভ কৰিছে। বঁটা প্ৰদান অনুষ্ঠানত বহু বিশিষ্ট ব্যক্তি উপস্থিত থাকে। বিশিষ্ট নাট্যকাৰ সতীশ দাসক এই বছৰৰ শ্ৰেষ্ঠ নাট্যকাৰৰ বঁটা প্ৰদান কৰা হয়। তেওঁৰ নাটসমূহে অসমৰ ভ্ৰাম্যমাণ থিয়েটাৰত বিশেষ স্থান লাভ কৰিছে। বঁটা প্ৰদান অনুষ্ঠানত বহু বিশিষ্ট ব্যক্তি উপস্থিত থাকে। বিশিষ্ট নাট্যকাৰ সতীশ দাসক এই বছৰৰ শ্ৰেষ্ঠ নাট্যকাৰৰ বঁটা প্ৰদান কৰা হয়। তেওঁৰ নাটসমূহে অসমৰ ভ্ৰাম্যমাণ থিয়েটাৰত বিশেষ স্থান লাভ কৰিছে। বঁটা প্ৰদান অনুষ্ঠানত বহু বিশিষ্ট ব্যক্তি উপস্থিত থাকে। বিশিষ্ট নাট্যকাৰ সতীশ দাসক এই বছৰৰ শ্ৰেষ্ঠ নাট্যকাৰৰ বঁটা প্ৰদান কৰা হয়। তেওঁৰ নাটসমূহে অসমৰ ভ্ৰাম্যমাণ থিয়েটাৰত বিশেষ স্থান লাভ কৰিছে। বঁটা প্ৰদান অনুষ্ঠানত বহু বিশিষ্ট ব্যক্তি উপস্থিত থাকে। বিশিষ্ট নাট্যকাৰ সতীশ দাসক এই বছৰৰ শ্ৰেষ্ঠ নাট্যকাৰৰ বঁটা প্ৰদান কৰা হয়। তেওঁৰ নাটসমূহে অসমৰ ভ্ৰাম্যমাণ থিয়েটাৰত বিশেষ স্থান লাভ কৰিছে। বঁটা প্ৰদান অনুষ্ঠানত বহু বিশিষ্ট ব্যক্তি উপস্থিত থাকে।
ধুবুৰী কাৰাগাৰত বৰ্ডেক
ধুবুৰী কাৰাগাৰত বিচাৰাধীন বন্দীৰ মাজত সংঘৰ্ষ সংঘটিত হয়।
